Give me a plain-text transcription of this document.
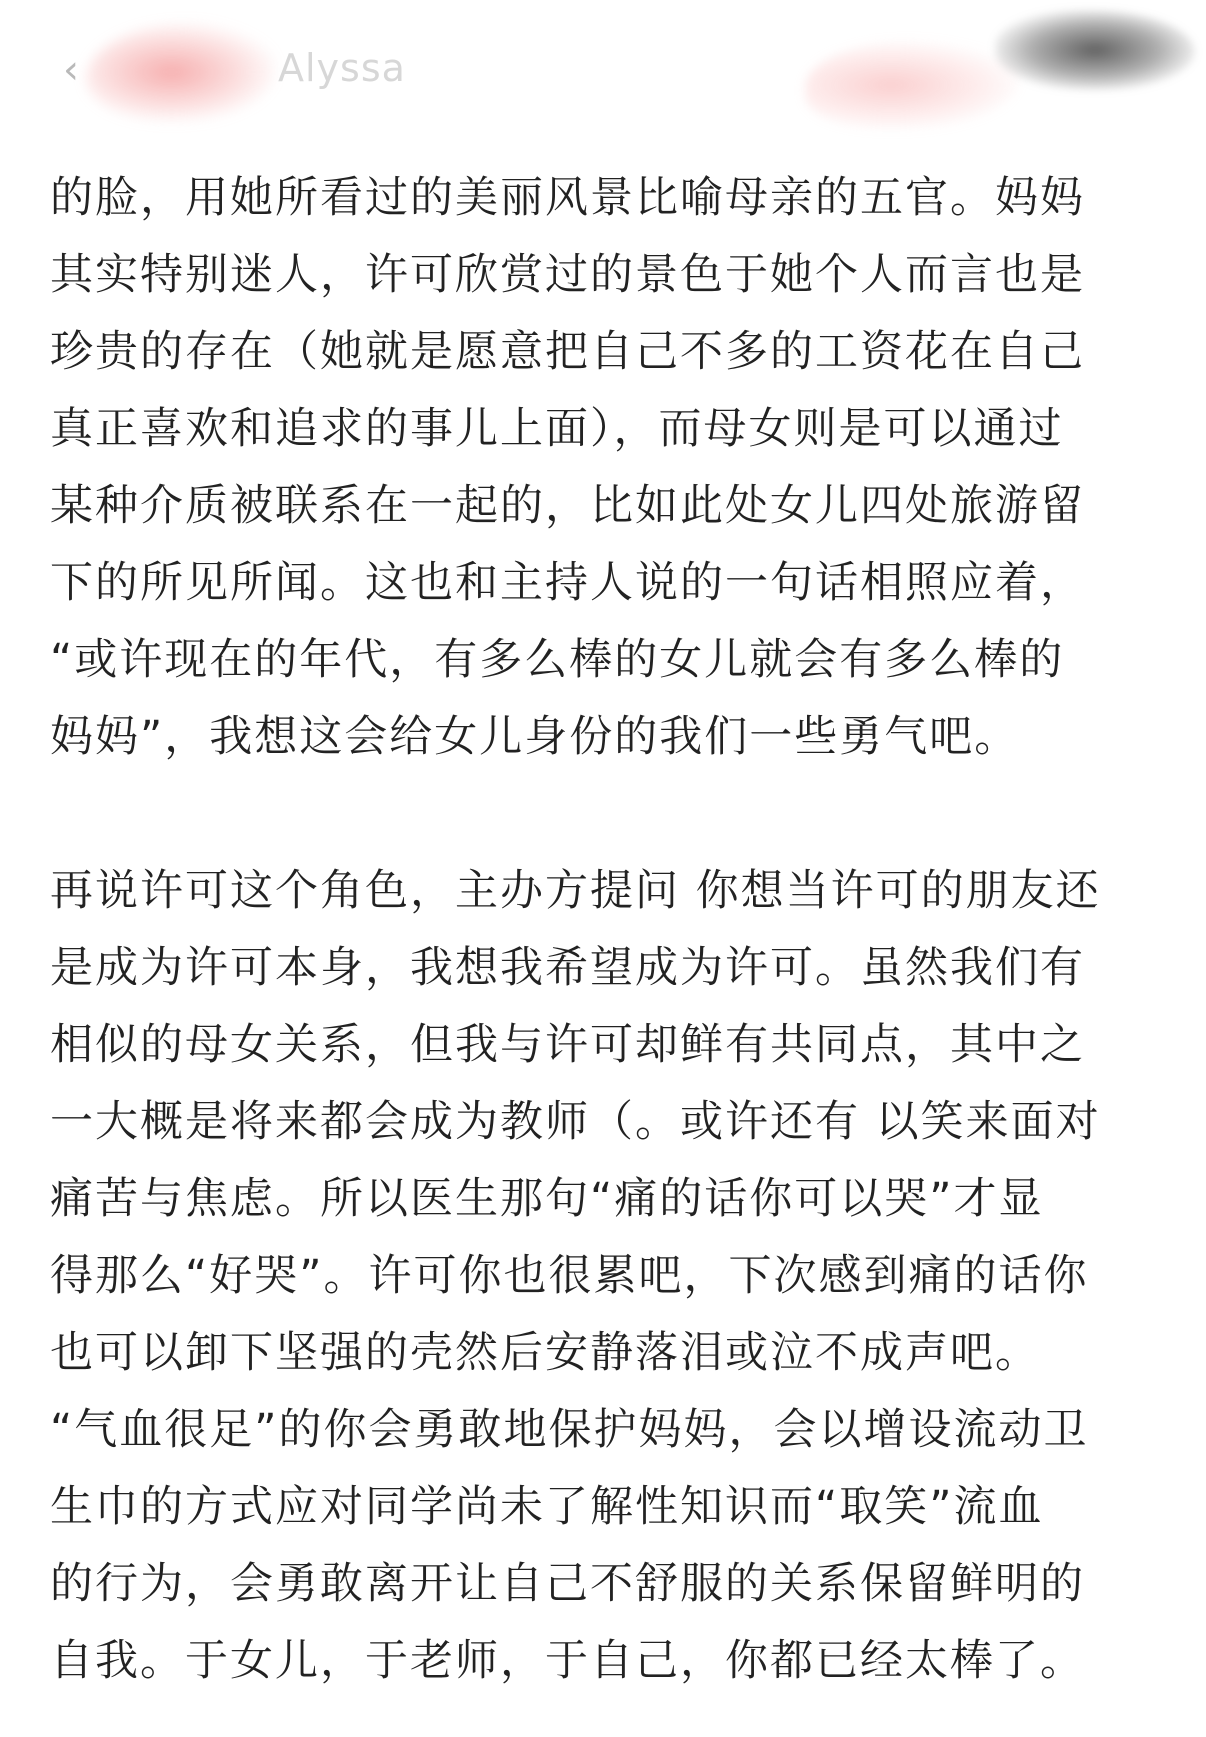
‹	Alyssa
的脸，用她所看过的美丽风景比喻母亲的五官。妈妈
其实特别迷人，许可欣赏过的景色于她个人而言也是
珍贵的存在（她就是愿意把自己不多的工资花在自己
真正喜欢和追求的事儿上面），而母女则是可以通过
某种介质被联系在一起的，比如此处女儿四处旅游留
下的所见所闻。这也和主持人说的一句话相照应着，
“或许现在的年代，有多么棒的女儿就会有多么棒的
妈妈”，我想这会给女儿身份的我们一些勇气吧。
再说许可这个角色，主办方提问 你想当许可的朋友还
是成为许可本身，我想我希望成为许可。虽然我们有
相似的母女关系，但我与许可却鲜有共同点，其中之
一大概是将来都会成为教师（。或许还有 以笑来面对
痛苦与焦虑。所以医生那句“痛的话你可以哭”才显
得那么“好哭”。许可你也很累吧，下次感到痛的话你
也可以卸下坚强的壳然后安静落泪或泣不成声吧。
“气血很足”的你会勇敢地保护妈妈，会以增设流动卫
生巾的方式应对同学尚未了解性知识而“取笑”流血
的行为，会勇敢离开让自己不舒服的关系保留鲜明的
自我。于女儿，于老师，于自己，你都已经太棒了。
